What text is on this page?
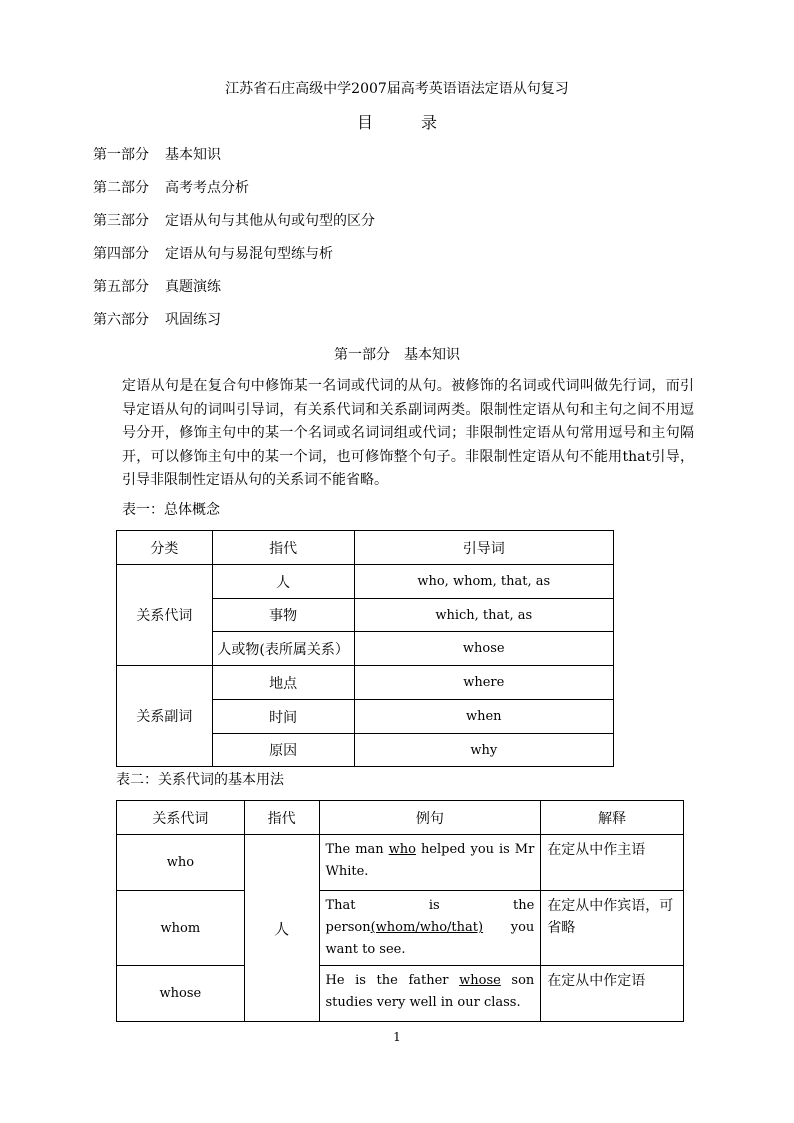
江苏省石庄高级中学2007届高考英语语法定语从句复习
目	录
第一部分 基本知识
第二部分 高考考点分析
第三部分 定语从句与其他从句或句型的区分
第四部分 定语从句与易混句型练与析
第五部分 真题演练
第六部分 巩固练习
第一部分　基本知识
定语从句是在复合句中修饰某一名词或代词的从句。被修饰的名词或代词叫做先行词，而引导定语从句的词叫引导词，有关系代词和关系副词两类。限制性定语从句和主句之间不用逗号分开，修饰主句中的某一个名词或名词词组或代词；非限制性定语从句常用逗号和主句隔开，可以修饰主句中的某一个词，也可修饰整个句子。非限制性定语从句不能用that引导，引导非限制性定语从句的关系词不能省略。
表一：总体概念
分类	指代	引导词
关系代词	人	who, whom, that, as
	事物	which, that, as
	人或物(表所属关系）	whose
关系副词	地点	where
	时间	when
	原因	why
表二：关系代词的基本用法
关系代词	指代	例句	解释
who	人	The man who helped you is Mr White.	在定从中作主语
whom		That is the person(whom/who/that) you want to see.	在定从中作宾语，可省略
whose		He is the father whose son studies very well in our class.	在定从中作定语
1
